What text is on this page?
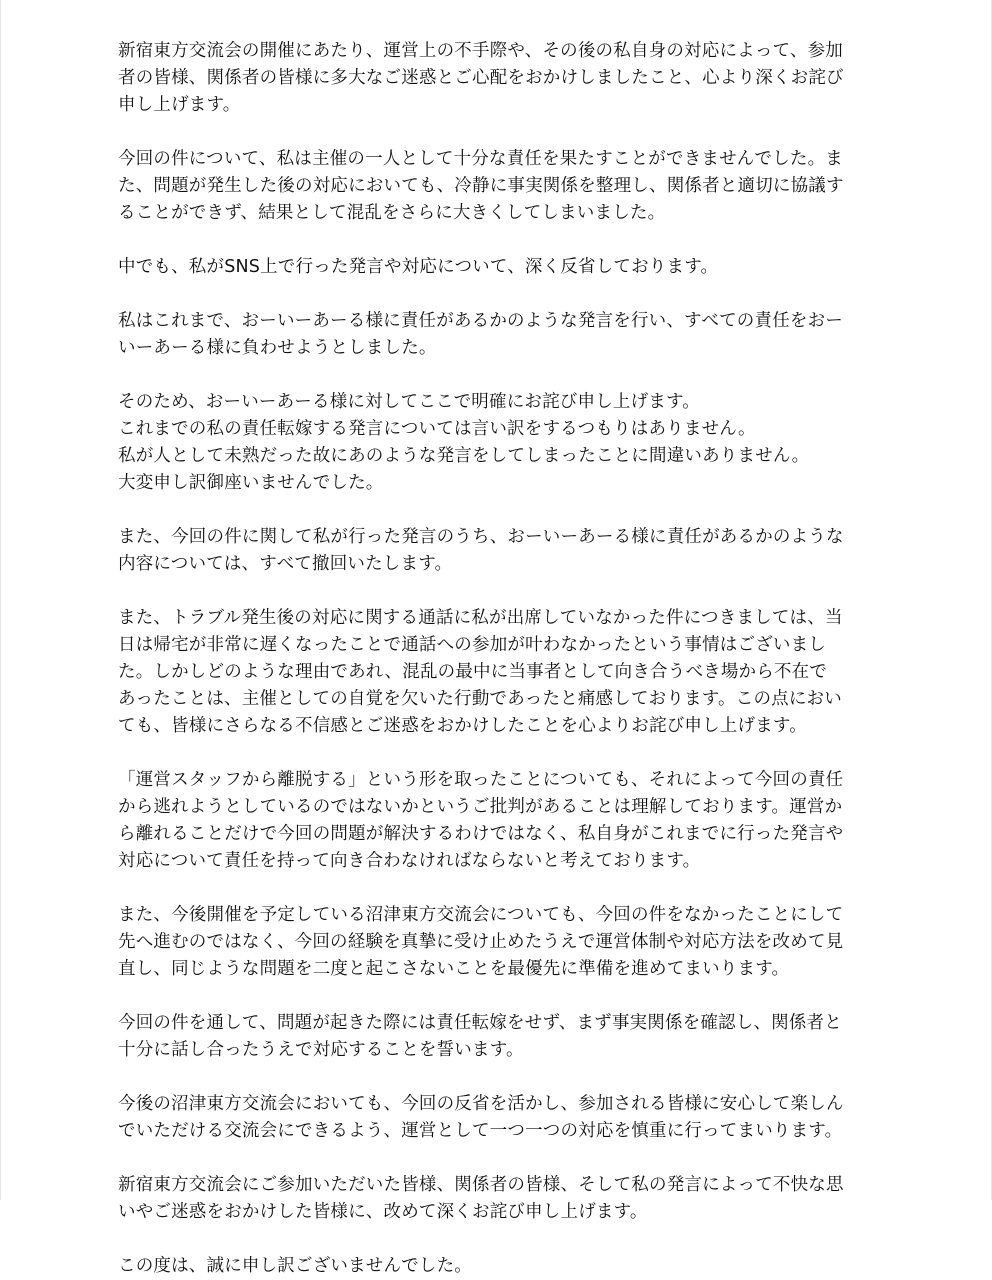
新宿東方交流会の開催にあたり、運営上の不手際や、その後の私自身の対応によって、参加
者の皆様、関係者の皆様に多大なご迷惑とご心配をおかけしましたこと、心より深くお詫び
申し上げます。

今回の件について、私は主催の一人として十分な責任を果たすことができませんでした。ま
た、問題が発生した後の対応においても、冷静に事実関係を整理し、関係者と適切に協議す
ることができず、結果として混乱をさらに大きくしてしまいました。

中でも、私がSNS上で行った発言や対応について、深く反省しております。

私はこれまで、おーいーあーる様に責任があるかのような発言を行い、すべての責任をおー
いーあーる様に負わせようとしました。

そのため、おーいーあーる様に対してここで明確にお詫び申し上げます。
これまでの私の責任転嫁する発言については言い訳をするつもりはありません。
私が人として未熟だった故にあのような発言をしてしまったことに間違いありません。
大変申し訳御座いませんでした。

また、今回の件に関して私が行った発言のうち、おーいーあーる様に責任があるかのような
内容については、すべて撤回いたします。

また、トラブル発生後の対応に関する通話に私が出席していなかった件につきましては、当
日は帰宅が非常に遅くなったことで通話への参加が叶わなかったという事情はございまし
た。しかしどのような理由であれ、混乱の最中に当事者として向き合うべき場から不在で
あったことは、主催としての自覚を欠いた行動であったと痛感しております。この点におい
ても、皆様にさらなる不信感とご迷惑をおかけしたことを心よりお詫び申し上げます。

「運営スタッフから離脱する」という形を取ったことについても、それによって今回の責任
から逃れようとしているのではないかというご批判があることは理解しております。運営か
ら離れることだけで今回の問題が解決するわけではなく、私自身がこれまでに行った発言や
対応について責任を持って向き合わなければならないと考えております。

また、今後開催を予定している沼津東方交流会についても、今回の件をなかったことにして
先へ進むのではなく、今回の経験を真摯に受け止めたうえで運営体制や対応方法を改めて見
直し、同じような問題を二度と起こさないことを最優先に準備を進めてまいります。

今回の件を通して、問題が起きた際には責任転嫁をせず、まず事実関係を確認し、関係者と
十分に話し合ったうえで対応することを誓います。

今後の沼津東方交流会においても、今回の反省を活かし、参加される皆様に安心して楽しん
でいただける交流会にできるよう、運営として一つ一つの対応を慎重に行ってまいります。

新宿東方交流会にご参加いただいた皆様、関係者の皆様、そして私の発言によって不快な思
いやご迷惑をおかけした皆様に、改めて深くお詫び申し上げます。

この度は、誠に申し訳ございませんでした。
